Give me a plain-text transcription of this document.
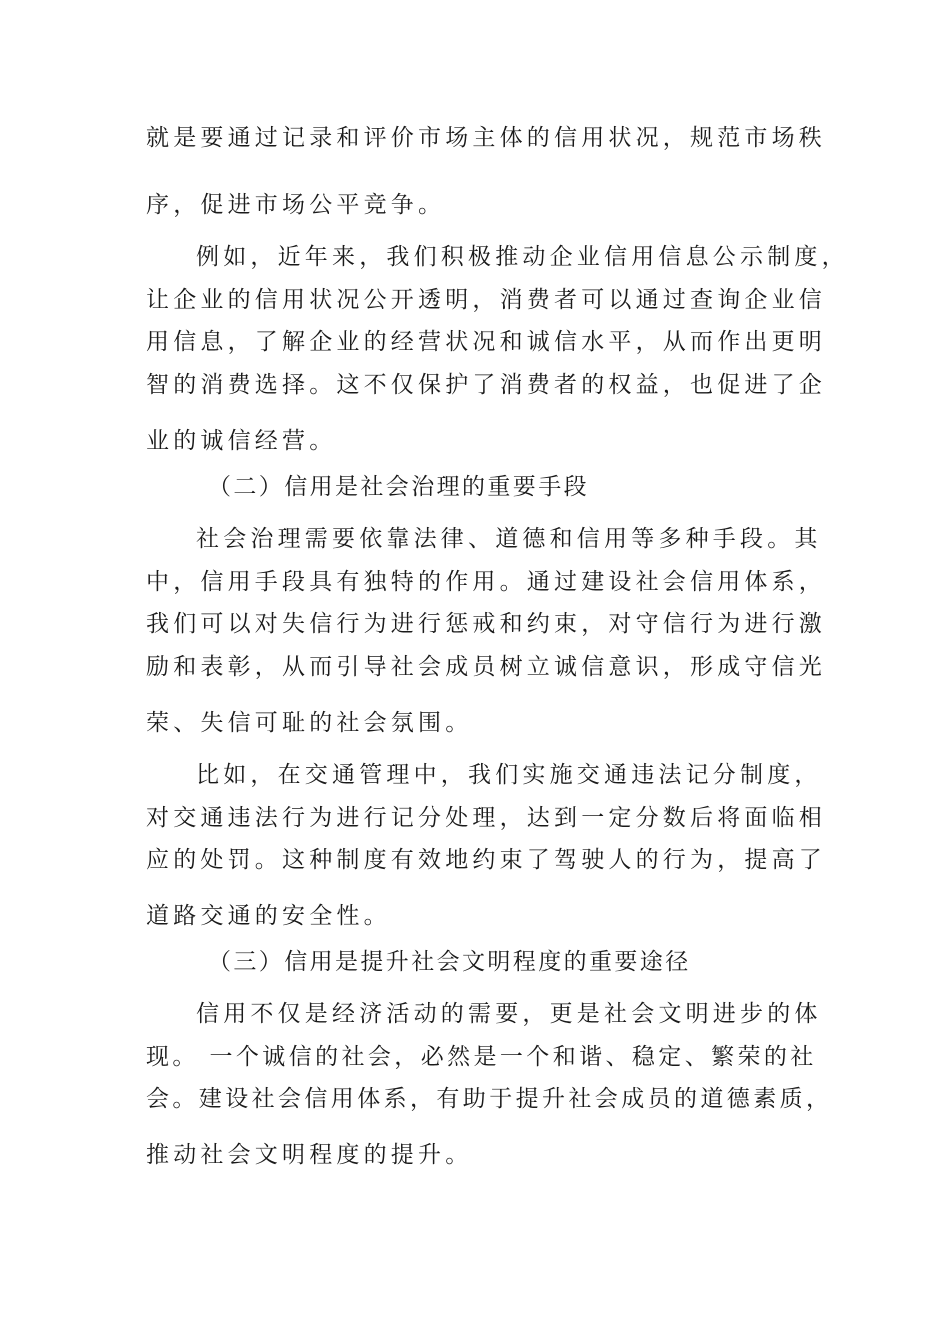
就是要通过记录和评价市场主体的信用状况，规范市场秩
序，促进市场公平竞争。
例如，近年来，我们积极推动企业信用信息公示制度，
让企业的信用状况公开透明，消费者可以通过查询企业信
用信息，了解企业的经营状况和诚信水平，从而作出更明
智的消费选择。这不仅保护了消费者的权益，也促进了企
业的诚信经营。
（二）信用是社会治理的重要手段
社会治理需要依靠法律、道德和信用等多种手段。其
中，信用手段具有独特的作用。通过建设社会信用体系，
我们可以对失信行为进行惩戒和约束，对守信行为进行激
励和表彰，从而引导社会成员树立诚信意识，形成守信光
荣、失信可耻的社会氛围。
比如，在交通管理中，我们实施交通违法记分制度，
对交通违法行为进行记分处理，达到一定分数后将面临相
应的处罚。这种制度有效地约束了驾驶人的行为，提高了
道路交通的安全性。
（三）信用是提升社会文明程度的重要途径
信用不仅是经济活动的需要，更是社会文明进步的体
现。 一个诚信的社会，必然是一个和谐、稳定、繁荣的社
会。建设社会信用体系，有助于提升社会成员的道德素质，
推动社会文明程度的提升。
